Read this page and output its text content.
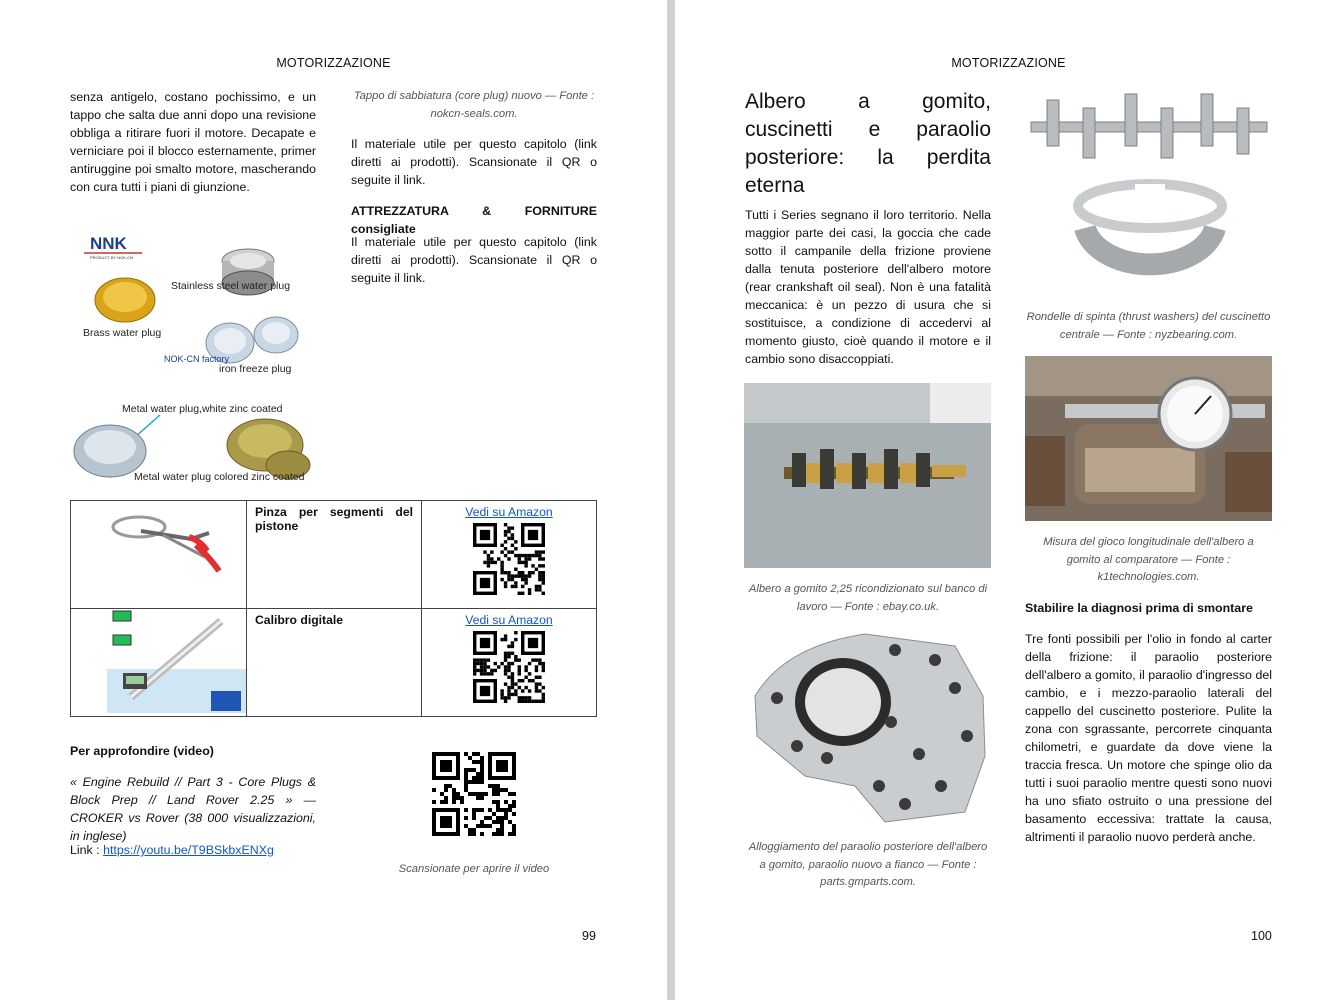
MOTORIZZAZIONE
senza antigelo, costano pochissimo, e un tappo che salta due anni dopo una revisione obbliga a ritirare fuori il motore. Decapate e verniciare poi il blocco esternamente, primer antiruggine poi smalto motore, mascherando con cura tutti i piani di giunzione.
NNK
PRODUCT BY NOK-CN
Stainless steel water plug
Brass water plug
NOK-CN factory
iron freeze plug
Metal water plug,white zinc coated
Metal water plug colored zinc coated
Tappo di sabbiatura (core plug) nuovo — Fonte : nokcn-seals.com.
Il materiale utile per questo capitolo (link diretti ai prodotti). Scansionate il QR o seguite il link.
ATTREZZATURA & FORNITURE consigliate
Il materiale utile per questo capitolo (link diretti ai prodotti). Scansionate il QR o seguite il link.
	Pinza per segmenti del pistone	Vedi su Amazon

	Calibro digitale	Vedi su Amazon
Per approfondire (video)
« Engine Rebuild // Part 3 - Core Plugs & Block Prep // Land Rover 2.25 » — CROKER vs Rover (38 000 visualizzazioni, in inglese)
Link : https://youtu.be/T9BSkbxENXg
Scansionate per aprire il video
99
MOTORIZZAZIONE
Albero a gomito, cuscinetti e paraolio posteriore: la perdita eterna
Tutti i Series segnano il loro territorio. Nella maggior parte dei casi, la goccia che cade sotto il campanile della frizione proviene dalla tenuta posteriore dell'albero motore (rear crankshaft oil seal). Non è una fatalità meccanica: è un pezzo di usura che si sostituisce, a condizione di accedervi al momento giusto, cioè quando il motore e il cambio sono disaccoppiati.
Albero a gomito 2,25 ricondizionato sul banco di lavoro — Fonte : ebay.co.uk.
Alloggiamento del paraolio posteriore dell'albero a gomito, paraolio nuovo a fianco — Fonte : parts.gmparts.com.
Rondelle di spinta (thrust washers) del cuscinetto centrale — Fonte : nyzbearing.com.
Misura del gioco longitudinale dell'albero a gomito al comparatore — Fonte : k1technologies.com.
Stabilire la diagnosi prima di smontare
Tre fonti possibili per l'olio in fondo al carter della frizione: il paraolio posteriore dell'albero a gomito, il paraolio d'ingresso del cambio, e i mezzo-paraolio laterali del cappello del cuscinetto posteriore. Pulite la zona con sgrassante, percorrete cinquanta chilometri, e guardate da dove viene la traccia fresca. Un motore che spinge olio da tutti i suoi paraolio mentre questi sono nuovi ha uno sfiato ostruito o una pressione del basamento eccessiva: trattate la causa, altrimenti il paraolio nuovo perderà anche.
100
